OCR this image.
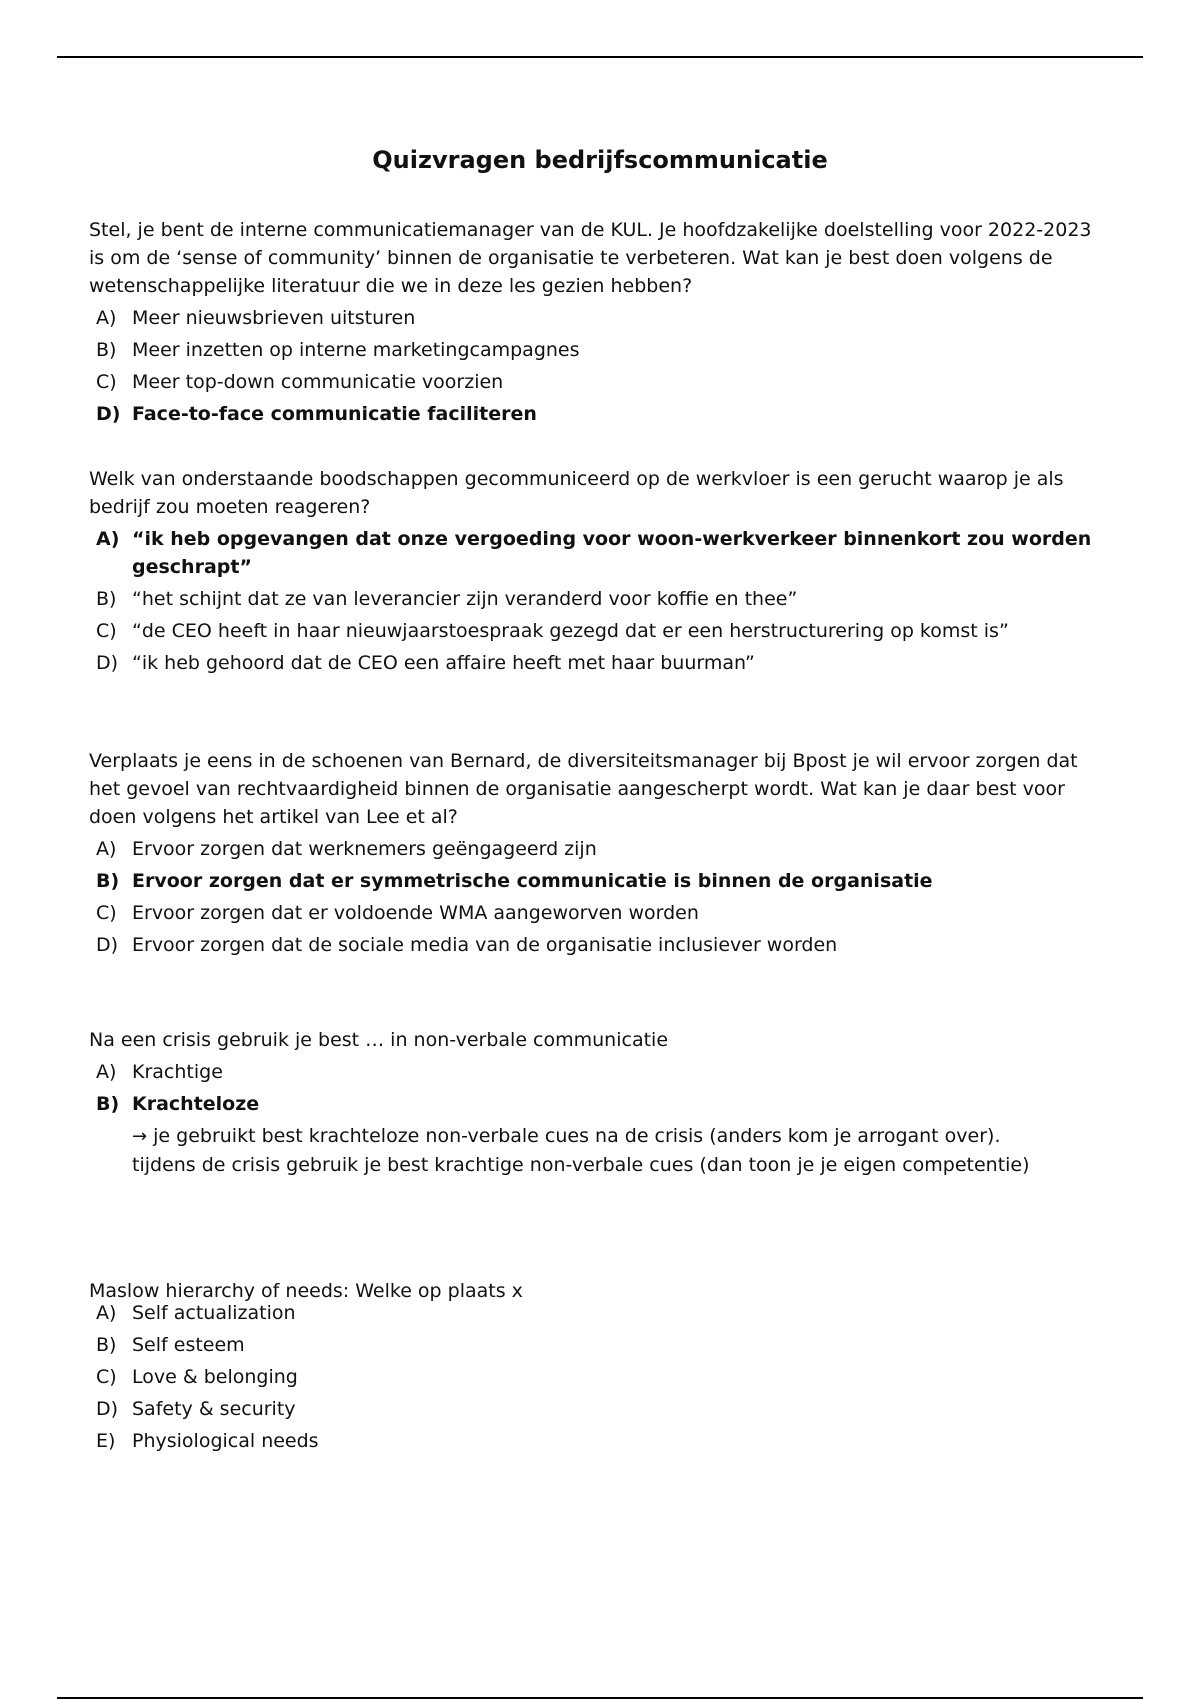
Quizvragen bedrijfscommunicatie

Stel, je bent de interne communicatiemanager van de KUL. Je hoofdzakelijke doelstelling voor 2022-2023 is om de ‘sense of community’ binnen de organisatie te verbeteren. Wat kan je best doen volgens de wetenschappelijke literatuur die we in deze les gezien hebben?

A) Meer nieuwsbrieven uitsturen
B) Meer inzetten op interne marketingcampagnes
C) Meer top-down communicatie voorzien
D) Face-to-face communicatie faciliteren

Welk van onderstaande boodschappen gecommuniceerd op de werkvloer is een gerucht waarop je als bedrijf zou moeten reageren?

A) “ik heb opgevangen dat onze vergoeding voor woon-werkverkeer binnenkort zou worden geschrapt”
B) “het schijnt dat ze van leverancier zijn veranderd voor koffie en thee”
C) “de CEO heeft in haar nieuwjaarstoespraak gezegd dat er een herstructurering op komst is”
D) “ik heb gehoord dat de CEO een affaire heeft met haar buurman”

Verplaats je eens in de schoenen van Bernard, de diversiteitsmanager bij Bpost je wil ervoor zorgen dat het gevoel van rechtvaardigheid binnen de organisatie aangescherpt wordt. Wat kan je daar best voor doen volgens het artikel van Lee et al?

A) Ervoor zorgen dat werknemers geëngageerd zijn
B) Ervoor zorgen dat er symmetrische communicatie is binnen de organisatie
C) Ervoor zorgen dat er voldoende WMA aangeworven worden
D) Ervoor zorgen dat de sociale media van de organisatie inclusiever worden

Na een crisis gebruik je best … in non-verbale communicatie

A) Krachtige
B) Krachteloze

→ je gebruikt best krachteloze non-verbale cues na de crisis (anders kom je arrogant over).
tijdens de crisis gebruik je best krachtige non-verbale cues (dan toon je je eigen competentie)

Maslow hierarchy of needs: Welke op plaats x

A) Self actualization
B) Self esteem
C) Love & belonging
D) Safety & security
E) Physiological needs
